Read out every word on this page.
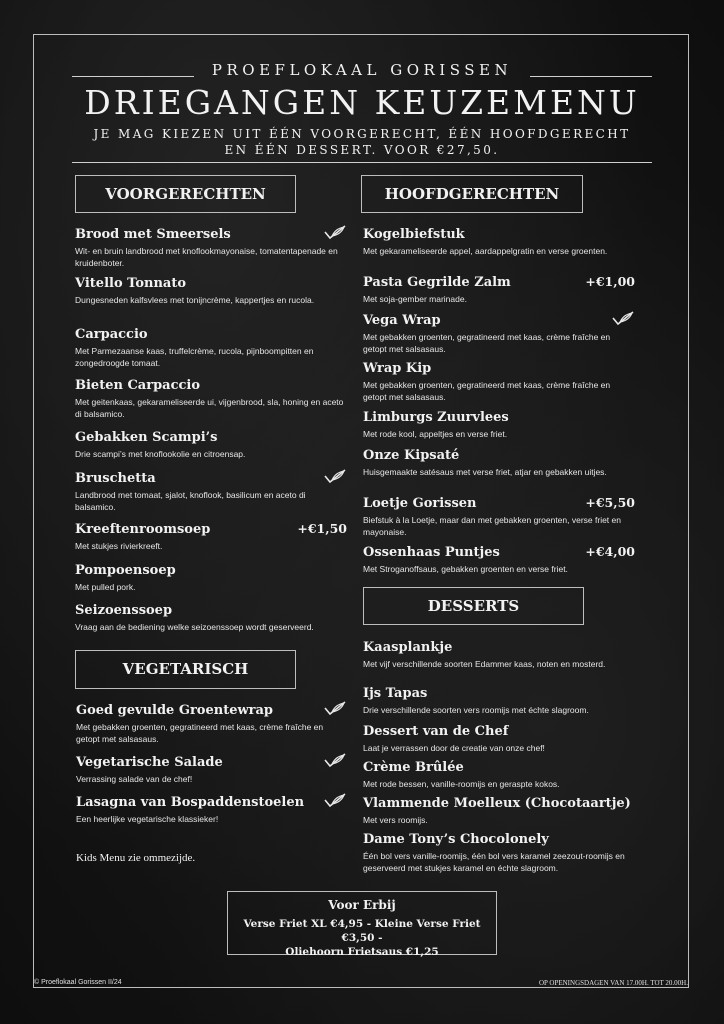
PROEFLOKAAL GORISSEN
DRIEGANGEN KEUZEMENU
JE MAG KIEZEN UIT ÉÉN VOORGERECHT, ÉÉN HOOFDGERECHT
EN ÉÉN DESSERT. VOOR €27,50.
VOORGERECHTEN	HOOFDGERECHTEN
VEGETARISCH
DESSERTS
Brood met Smeersels
Wit- en bruin landbrood met knoflookmayonaise, tomatentapenade en kruidenboter.
Vitello Tonnato
Dungesneden kalfsvlees met tonijncrème, kappertjes en rucola.
Carpaccio
Met Parmezaanse kaas, truffelcrème, rucola, pijnboompitten en zongedroogde tomaat.
Bieten Carpaccio
Met geitenkaas, gekarameliseerde ui, vijgenbrood, sla, honing en aceto di balsamico.
Gebakken Scampi’s
Drie scampi’s met knoflookolie en citroensap.
Bruschetta
Landbrood met tomaat, sjalot, knoflook, basilicum en aceto di balsamico.
Kreeftenroomsoep	+€1,50
Met stukjes rivierkreeft.
Pompoensoep
Met pulled pork.
Seizoenssoep
Vraag aan de bediening welke seizoenssoep wordt geserveerd.
Goed gevulde Groentewrap
Met gebakken groenten, gegratineerd met kaas, crème fraîche en getopt met salsasaus.
Vegetarische Salade
Verrassing salade van de chef!
Lasagna van Bospaddenstoelen
Een heerlijke vegetarische klassieker!
Kogelbiefstuk
Met gekarameliseerde appel, aardappelgratin en verse groenten.
Pasta Gegrilde Zalm	+€1,00
Met soja-gember marinade.
Vega Wrap
Met gebakken groenten, gegratineerd met kaas, crème fraîche en getopt met salsasaus.
Wrap Kip
Met gebakken groenten, gegratineerd met kaas, crème fraîche en getopt met salsasaus.
Limburgs Zuurvlees
Met rode kool, appeltjes en verse friet.
Onze Kipsaté
Huisgemaakte satésaus met verse friet, atjar en gebakken uitjes.
Loetje Gorissen	+€5,50
Biefstuk à la Loetje, maar dan met gebakken groenten, verse friet en mayonaise.
Ossenhaas Puntjes	+€4,00
Met Stroganoffsaus, gebakken groenten en verse friet.
Kaasplankje
Met vijf verschillende soorten Edammer kaas, noten en mosterd.
Ijs Tapas
Drie verschillende soorten vers roomijs met échte slagroom.
Dessert van de Chef
Laat je verrassen door de creatie van onze chef!
Crème Brûlée
Met rode bessen, vanille-roomijs en geraspte kokos.
Vlammende Moelleux (Chocotaartje)
Met vers roomijs.
Dame Tony’s Chocolonely
Één bol vers vanille-roomijs, één bol vers karamel zeezout-roomijs en geserveerd met stukjes karamel en échte slagroom.
Kids Menu zie ommezijde.
Voor Erbij
Verse Friet XL €4,95 - Kleine Verse Friet €3,50 -
Oliehoorn Frietsaus €1,25
© Proeflokaal Gorissen II/24	OP OPENINGSDAGEN VAN 17.00H. TOT 20.00H.
